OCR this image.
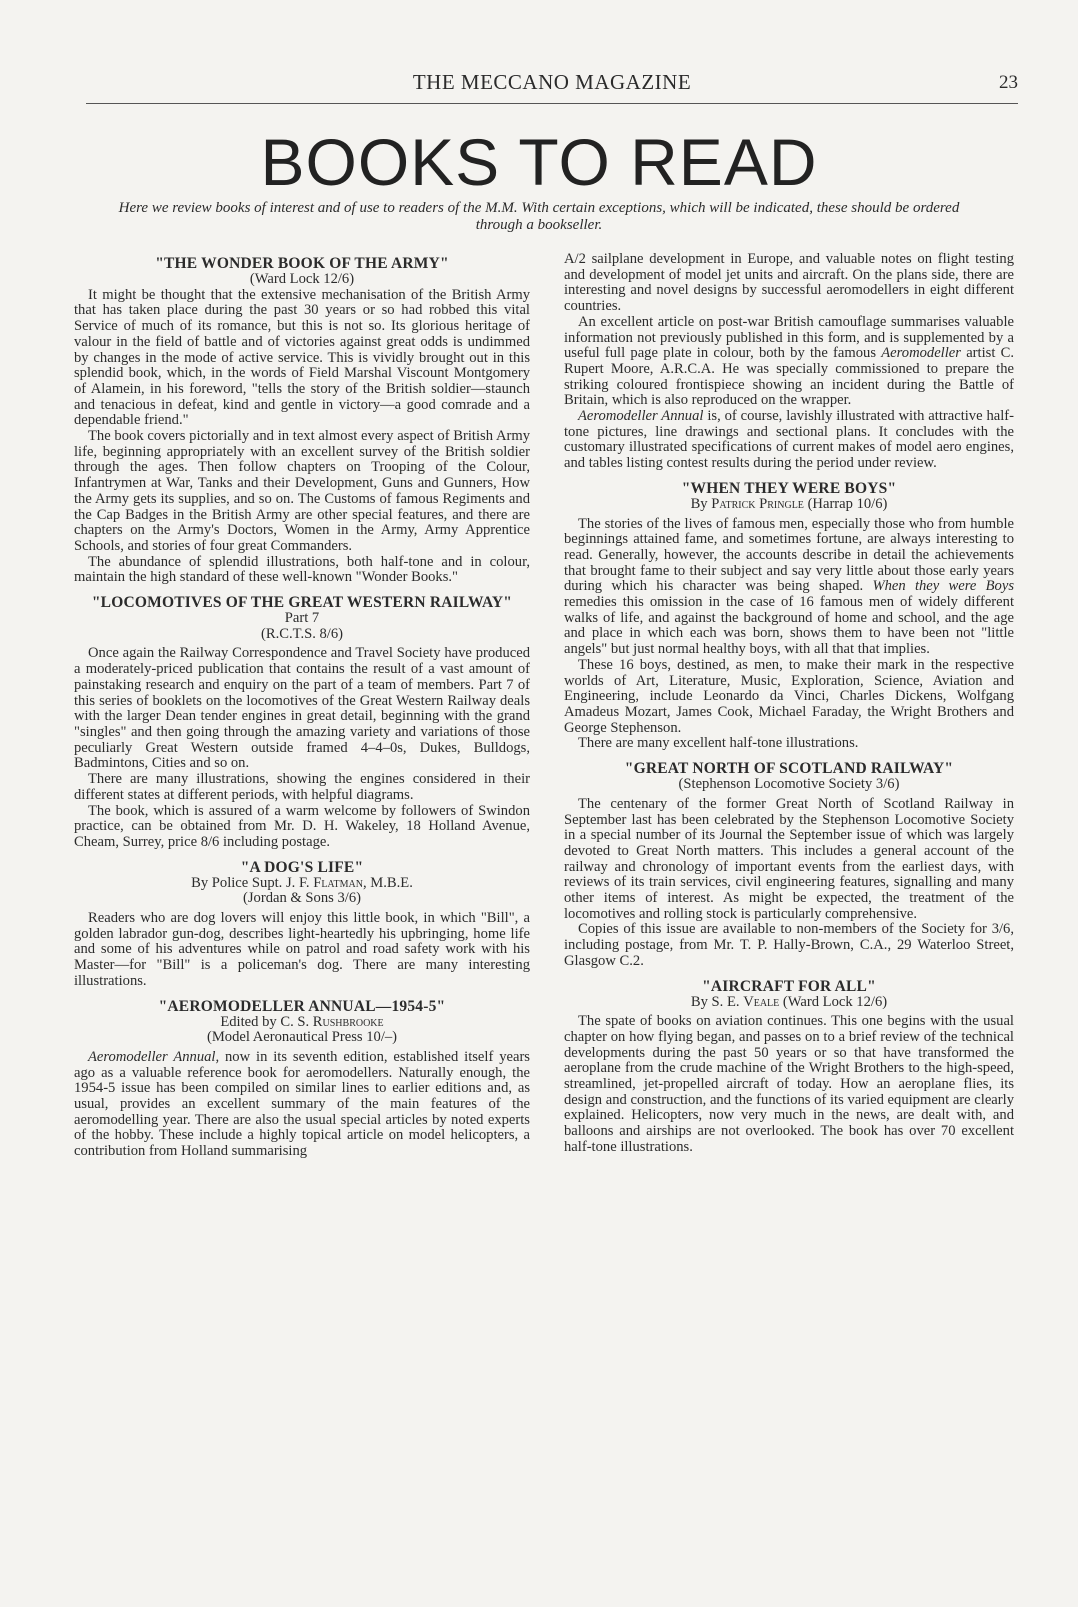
THE MECCANO MAGAZINE	23
BOOKS TO READ
Here we review books of interest and of use to readers of the M.M. With certain exceptions, which will be indicated, these should be ordered through a bookseller.
"THE WONDER BOOK OF THE ARMY"
(Ward Lock 12/6)

It might be thought that the extensive mechanisation of the British Army that has taken place during the past 30 years or so had robbed this vital Service of much of its romance, but this is not so. Its glorious heritage of valour in the field of battle and of victories against great odds is undimmed by changes in the mode of active service. This is vividly brought out in this splendid book, which, in the words of Field Marshal Viscount Montgomery of Alamein, in his foreword, "tells the story of the British soldier—staunch and tenacious in defeat, kind and gentle in victory—a good comrade and a dependable friend."

The book covers pictorially and in text almost every aspect of British Army life, beginning appropriately with an excellent survey of the British soldier through the ages. Then follow chapters on Trooping of the Colour, Infantrymen at War, Tanks and their Development, Guns and Gunners, How the Army gets its supplies, and so on. The Customs of famous Regiments and the Cap Badges in the British Army are other special features, and there are chapters on the Army's Doctors, Women in the Army, Army Apprentice Schools, and stories of four great Commanders.

The abundance of splendid illustrations, both half-tone and in colour, maintain the high standard of these well-known "Wonder Books."

"LOCOMOTIVES OF THE GREAT WESTERN RAILWAY"
Part 7
(R.C.T.S. 8/6)

Once again the Railway Correspondence and Travel Society have produced a moderately-priced publication that contains the result of a vast amount of painstaking research and enquiry on the part of a team of members. Part 7 of this series of booklets on the locomotives of the Great Western Railway deals with the larger Dean tender engines in great detail, beginning with the grand "singles" and then going through the amazing variety and variations of those peculiarly Great Western outside framed 4–4–0s, Dukes, Bulldogs, Badmintons, Cities and so on.

There are many illustrations, showing the engines considered in their different states at different periods, with helpful diagrams.

The book, which is assured of a warm welcome by followers of Swindon practice, can be obtained from Mr. D. H. Wakeley, 18 Holland Avenue, Cheam, Surrey, price 8/6 including postage.

"A DOG'S LIFE"
By Police Supt. J. F. Flatman, M.B.E.
(Jordan & Sons 3/6)

Readers who are dog lovers will enjoy this little book, in which "Bill", a golden labrador gun-dog, describes light-heartedly his upbringing, home life and some of his adventures while on patrol and road safety work with his Master—for "Bill" is a policeman's dog. There are many interesting illustrations.

"AEROMODELLER ANNUAL—1954-5"
Edited by C. S. Rushbrooke
(Model Aeronautical Press 10/–)

Aeromodeller Annual, now in its seventh edition, established itself years ago as a valuable reference book for aeromodellers. Naturally enough, the 1954-5 issue has been compiled on similar lines to earlier editions and, as usual, provides an excellent summary of the main features of the aeromodelling year. There are also the usual special articles by noted experts of the hobby. These include a highly topical article on model helicopters, a contribution from Holland summarising

A/2 sailplane development in Europe, and valuable notes on flight testing and development of model jet units and aircraft. On the plans side, there are interesting and novel designs by successful aeromodellers in eight different countries.

An excellent article on post-war British camouflage summarises valuable information not previously published in this form, and is supplemented by a useful full page plate in colour, both by the famous Aeromodeller artist C. Rupert Moore, A.R.C.A. He was specially commissioned to prepare the striking coloured frontispiece showing an incident during the Battle of Britain, which is also reproduced on the wrapper.

Aeromodeller Annual is, of course, lavishly illustrated with attractive half-tone pictures, line drawings and sectional plans. It concludes with the customary illustrated specifications of current makes of model aero engines, and tables listing contest results during the period under review.

"WHEN THEY WERE BOYS"
By Patrick Pringle (Harrap 10/6)

The stories of the lives of famous men, especially those who from humble beginnings attained fame, and sometimes fortune, are always interesting to read. Generally, however, the accounts describe in detail the achievements that brought fame to their subject and say very little about those early years during which his character was being shaped. When they were Boys remedies this omission in the case of 16 famous men of widely different walks of life, and against the background of home and school, and the age and place in which each was born, shows them to have been not "little angels" but just normal healthy boys, with all that that implies.

These 16 boys, destined, as men, to make their mark in the respective worlds of Art, Literature, Music, Exploration, Science, Aviation and Engineering, include Leonardo da Vinci, Charles Dickens, Wolfgang Amadeus Mozart, James Cook, Michael Faraday, the Wright Brothers and George Stephenson.

There are many excellent half-tone illustrations.

"GREAT NORTH OF SCOTLAND RAILWAY"
(Stephenson Locomotive Society 3/6)

The centenary of the former Great North of Scotland Railway in September last has been celebrated by the Stephenson Locomotive Society in a special number of its Journal the September issue of which was largely devoted to Great North matters. This includes a general account of the railway and chronology of important events from the earliest days, with reviews of its train services, civil engineering features, signalling and many other items of interest. As might be expected, the treatment of the locomotives and rolling stock is particularly comprehensive.

Copies of this issue are available to non-members of the Society for 3/6, including postage, from Mr. T. P. Hally-Brown, C.A., 29 Waterloo Street, Glasgow C.2.

"AIRCRAFT FOR ALL"
By S. E. Veale (Ward Lock 12/6)

The spate of books on aviation continues. This one begins with the usual chapter on how flying began, and passes on to a brief review of the technical developments during the past 50 years or so that have transformed the aeroplane from the crude machine of the Wright Brothers to the high-speed, streamlined, jet-propelled aircraft of today. How an aeroplane flies, its design and construction, and the functions of its varied equipment are clearly explained. Helicopters, now very much in the news, are dealt with, and balloons and airships are not overlooked. The book has over 70 excellent half-tone illustrations.
